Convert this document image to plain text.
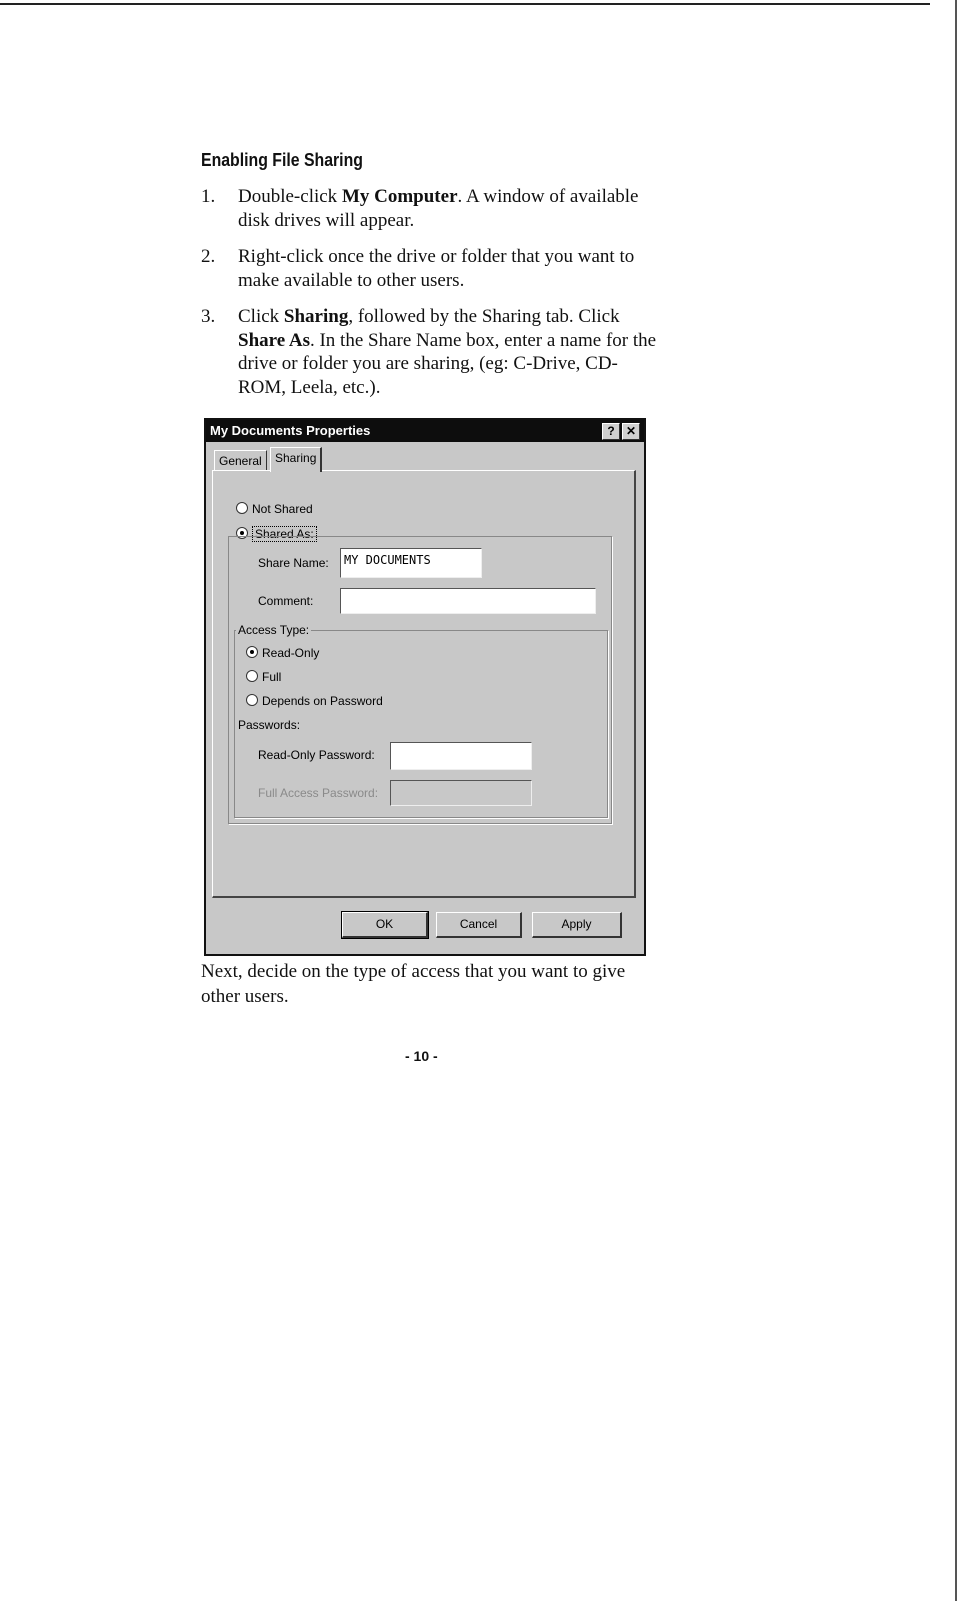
Enabling File Sharing
1. Double-click My Computer. A window of available disk drives will appear.
2. Right-click once the drive or folder that you want to make available to other users.
3. Click Sharing, followed by the Sharing tab. Click Share As. In the Share Name box, enter a name for the drive or folder you are sharing, (eg: C-Drive, CD-ROM, Leela, etc.).
My Documents Properties	? ✕
General	Sharing
Not Shared
Shared As:
Share Name:	MY DOCUMENTS
Comment:
Access Type:
Read-Only
Full
Depends on Password
Passwords:
Read-Only Password:
Full Access Password:
OK	Cancel	Apply
Next, decide on the type of access that you want to give other users.
- 10 -
